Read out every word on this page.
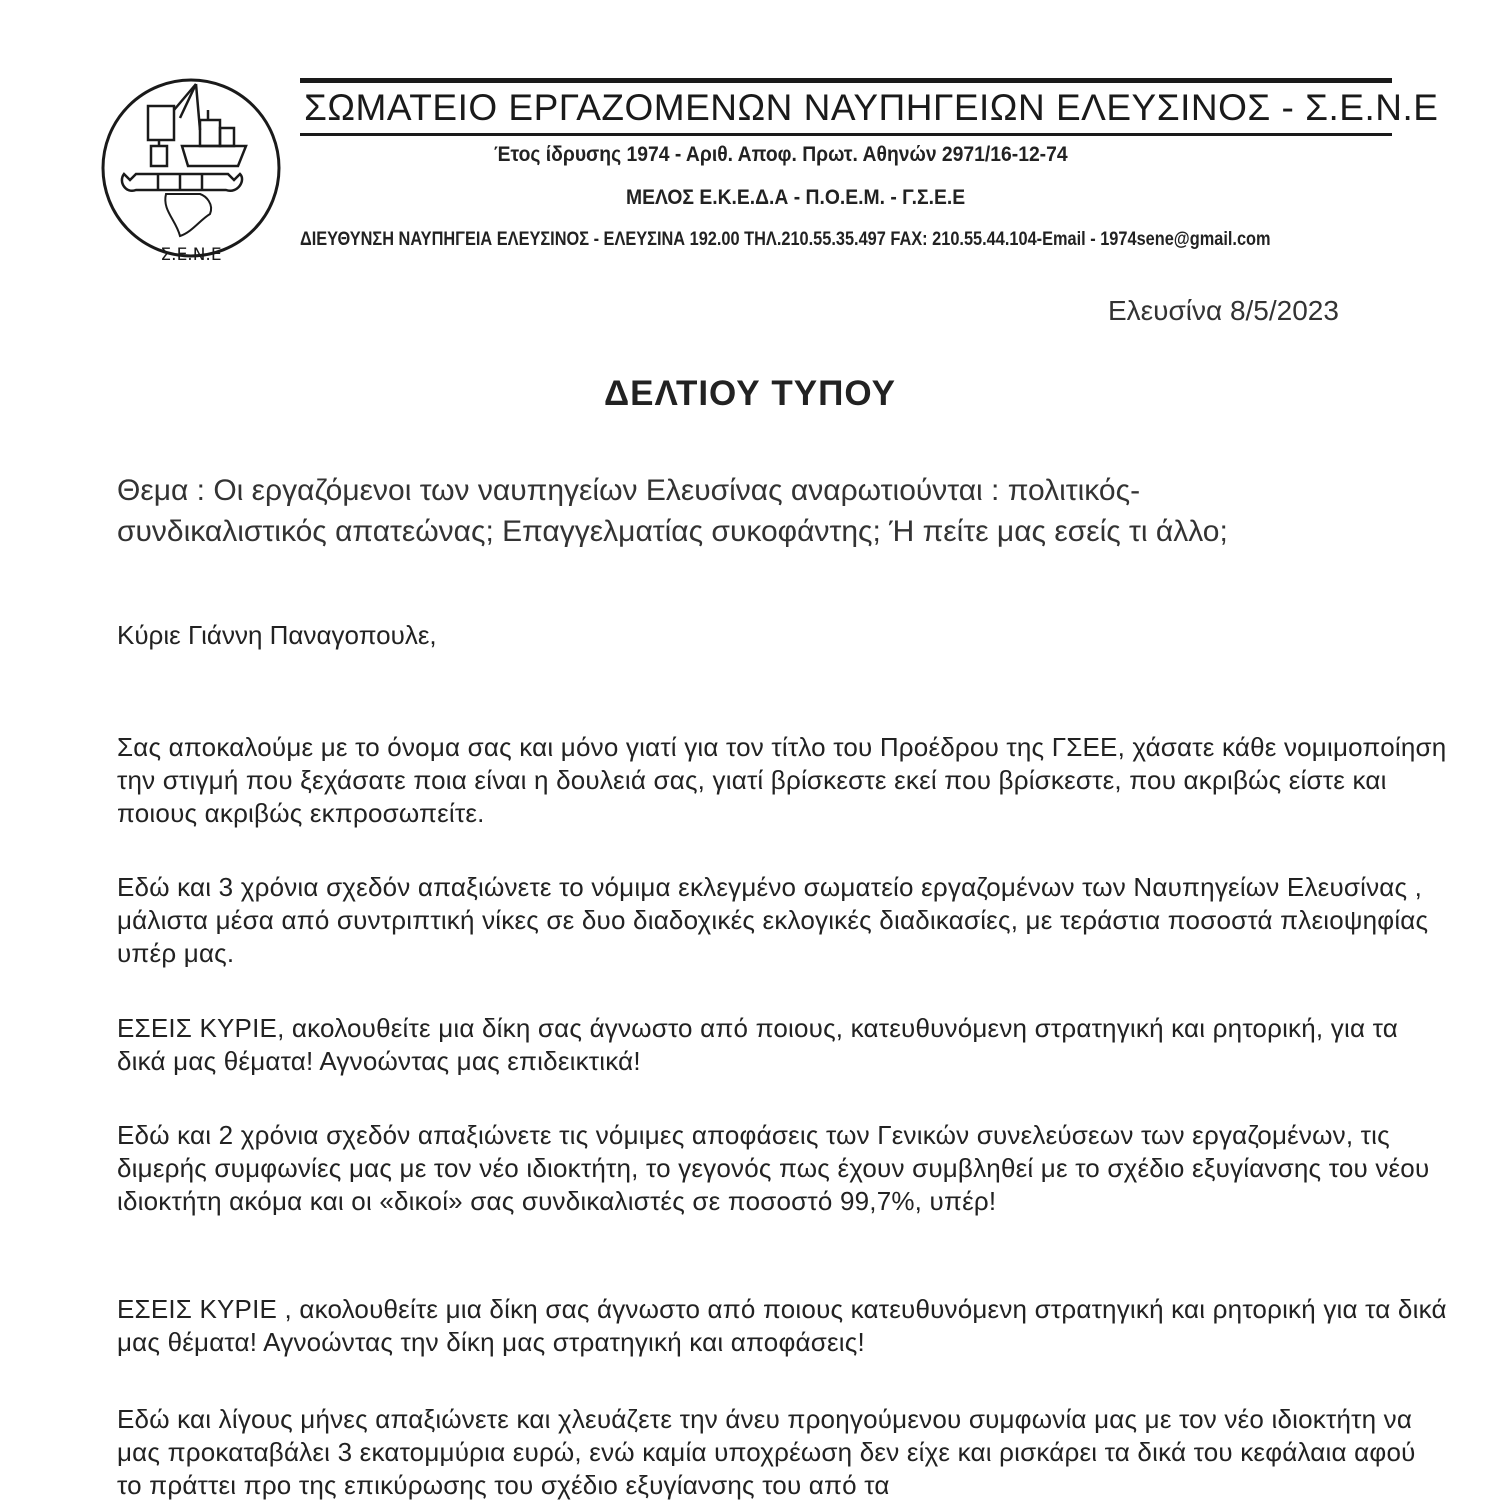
Σ.Ε.Ν.Ε
ΣΩΜΑΤΕΙΟ ΕΡΓΑΖΟΜΕΝΩΝ ΝΑΥΠΗΓΕΙΩΝ ΕΛΕΥΣΙΝΟΣ - Σ.Ε.Ν.Ε
Έτος ίδρυσης 1974 - Αριθ. Αποφ. Πρωτ. Αθηνών 2971/16-12-74
ΜΕΛΟΣ Ε.Κ.Ε.Δ.Α - Π.Ο.Ε.Μ. - Γ.Σ.Ε.Ε
ΔΙΕΥΘΥΝΣΗ ΝΑΥΠΗΓΕΙΑ ΕΛΕΥΣΙΝΟΣ - ΕΛΕΥΣΙΝΑ 192.00 ΤΗΛ.210.55.35.497 FAX: 210.55.44.104-Email - 1974sene@gmail.com
Ελευσίνα 8/5/2023
ΔΕΛΤΙΟΥ ΤΥΠΟΥ
Θεμα : Οι εργαζόμενοι των ναυπηγείων Ελευσίνας αναρωτιούνται : πολιτικός-
συνδικαλιστικός απατεώνας; Επαγγελματίας συκοφάντης; Ή πείτε μας εσείς τι άλλο;
Κύριε Γιάννη Παναγοπουλε,
Σας αποκαλούμε με το όνομα σας και μόνο γιατί για τον τίτλο του Προέδρου της ΓΣΕΕ, χάσατε κάθε νομιμοποίηση την στιγμή που ξεχάσατε ποια είναι η δουλειά σας, γιατί βρίσκεστε εκεί που βρίσκεστε, που ακριβώς είστε και ποιους ακριβώς εκπροσωπείτε.
Εδώ και 3 χρόνια σχεδόν απαξιώνετε το νόμιμα εκλεγμένο σωματείο εργαζομένων των Ναυπηγείων Ελευσίνας , μάλιστα μέσα από συντριπτική νίκες σε δυο διαδοχικές εκλογικές διαδικασίες, με τεράστια ποσοστά πλειοψηφίας υπέρ μας.
ΕΣΕΙΣ ΚΥΡΙΕ, ακολουθείτε μια δίκη σας άγνωστο από ποιους, κατευθυνόμενη στρατηγική και ρητορική, για τα δικά μας θέματα! Αγνοώντας μας επιδεικτικά!
Εδώ και 2 χρόνια σχεδόν απαξιώνετε τις νόμιμες αποφάσεις των Γενικών συνελεύσεων των εργαζομένων, τις διμερής συμφωνίες μας με τον νέο ιδιοκτήτη, το γεγονός πως έχουν συμβληθεί με το σχέδιο εξυγίανσης του νέου ιδιοκτήτη ακόμα και οι «δικοί» σας συνδικαλιστές σε ποσοστό 99,7%, υπέρ!
ΕΣΕΙΣ ΚΥΡΙΕ , ακολουθείτε μια δίκη σας άγνωστο από ποιους κατευθυνόμενη στρατηγική και ρητορική για τα δικά μας θέματα! Αγνοώντας την δίκη μας στρατηγική και αποφάσεις!
Εδώ και λίγους μήνες απαξιώνετε και χλευάζετε την άνευ προηγούμενου συμφωνία μας με τον νέο ιδιοκτήτη να μας προκαταβάλει 3 εκατομμύρια ευρώ, ενώ καμία υποχρέωση δεν είχε και ρισκάρει τα δικά του κεφάλαια αφού το πράττει προ της επικύρωσης του σχέδιο εξυγίανσης του από τα
